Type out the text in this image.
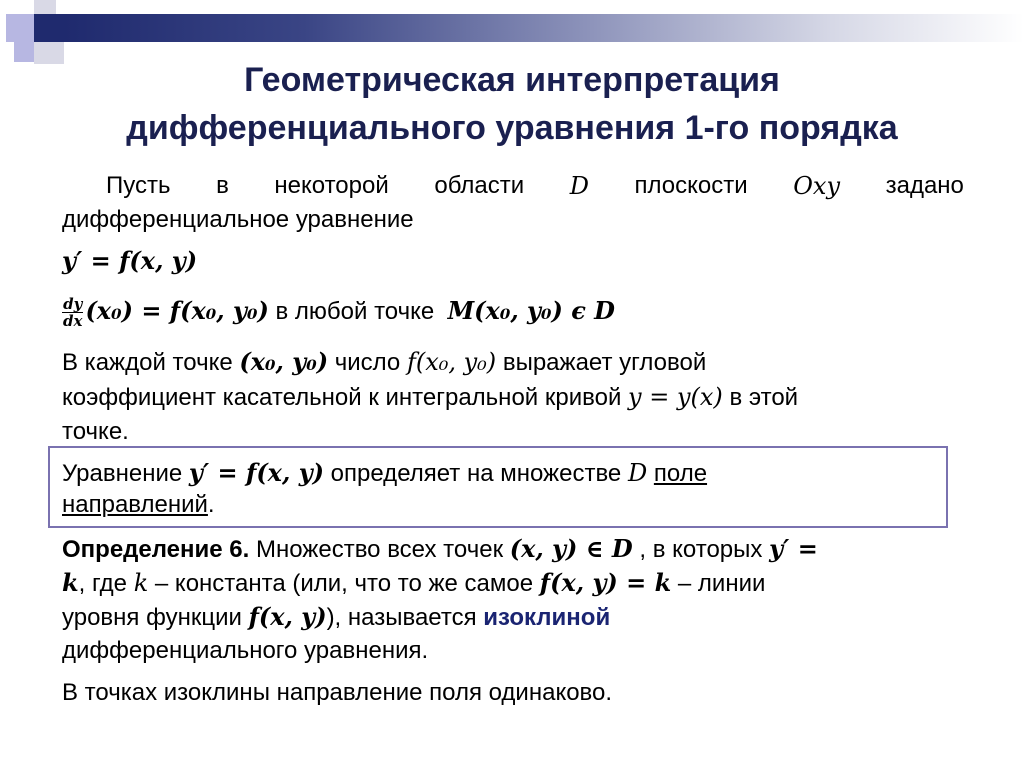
Геометрическая интерпретация
дифференциального уравнения 1-го порядка
Пусть в некоторой области D плоскости Oxy задано
дифференциальное уравнение
y′ = f(x, y)
$\frac{dy}{dx} (x_0) = f(x_0$, y₀) в любой точке M(x₀, y₀) ϵ D
В каждой точке (x₀, y₀) число f(x₀, y₀) выражает угловой
коэффициент касательной к интегральной кривой y = y(x) в этой
точке.
Уравнение y′ = f(x, y) определяет на множестве D поле
направлений.
Определение 6. Множество всех точек (x, y) ∈ D , в которых y′ =
k, где k – константа (или, что то же самое f(x, y) = k – линии
уровня функции f(x, y)), называется изоклиной
дифференциального уравнения.
В точках изоклины направление поля одинаково.
